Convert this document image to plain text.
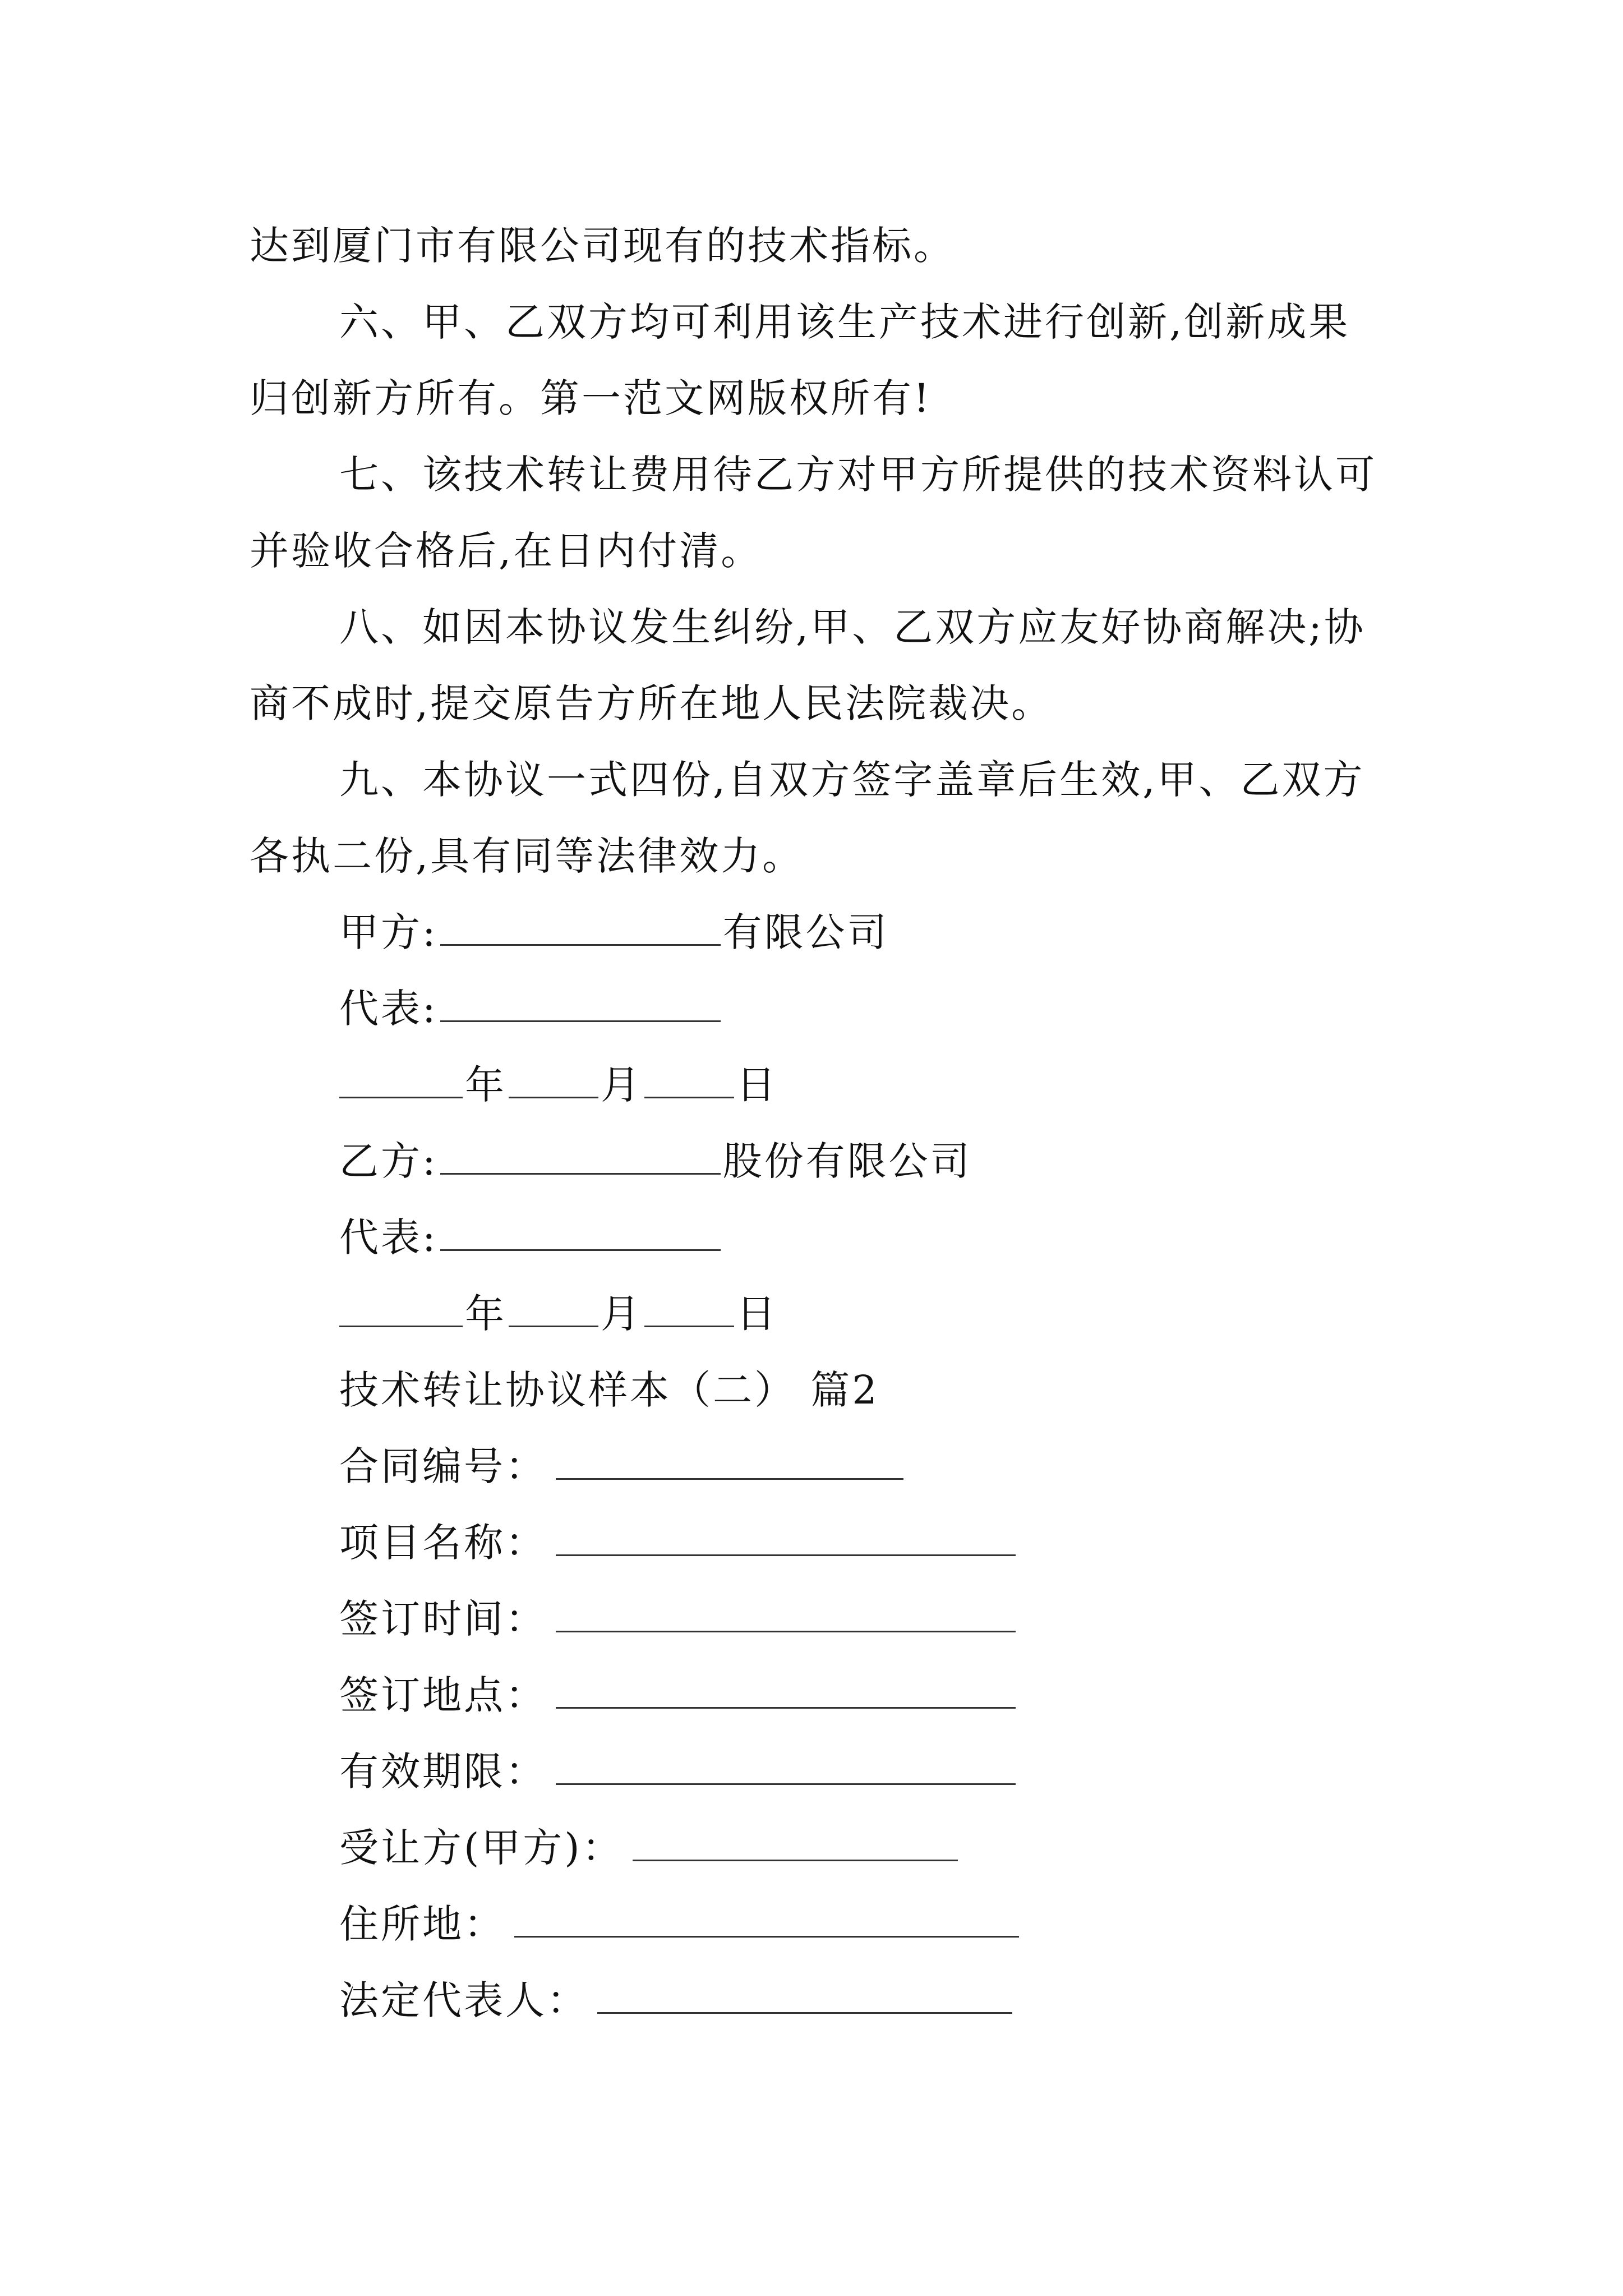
达到厦门市有限公司现有的技术指标。

六、甲、乙双方均可利用该生产技术进行创新,创新成果归创新方所有。第一范文网版权所有!

七、该技术转让费用待乙方对甲方所提供的技术资料认可并验收合格后,在日内付清。

八、如因本协议发生纠纷,甲、乙双方应友好协商解决;协商不成时,提交原告方所在地人民法院裁决。

九、本协议一式四份,自双方签字盖章后生效,甲、乙双方各执二份,具有同等法律效力。

甲方:	有限公司
代表:
年 月 日
乙方:	股份有限公司
代表:
年 月 日
技术转让协议样本（二） 篇2
合同编号：
项目名称：
签订时间：
签订地点：
有效期限：
受让方(甲方)：
住所地：
法定代表人：
